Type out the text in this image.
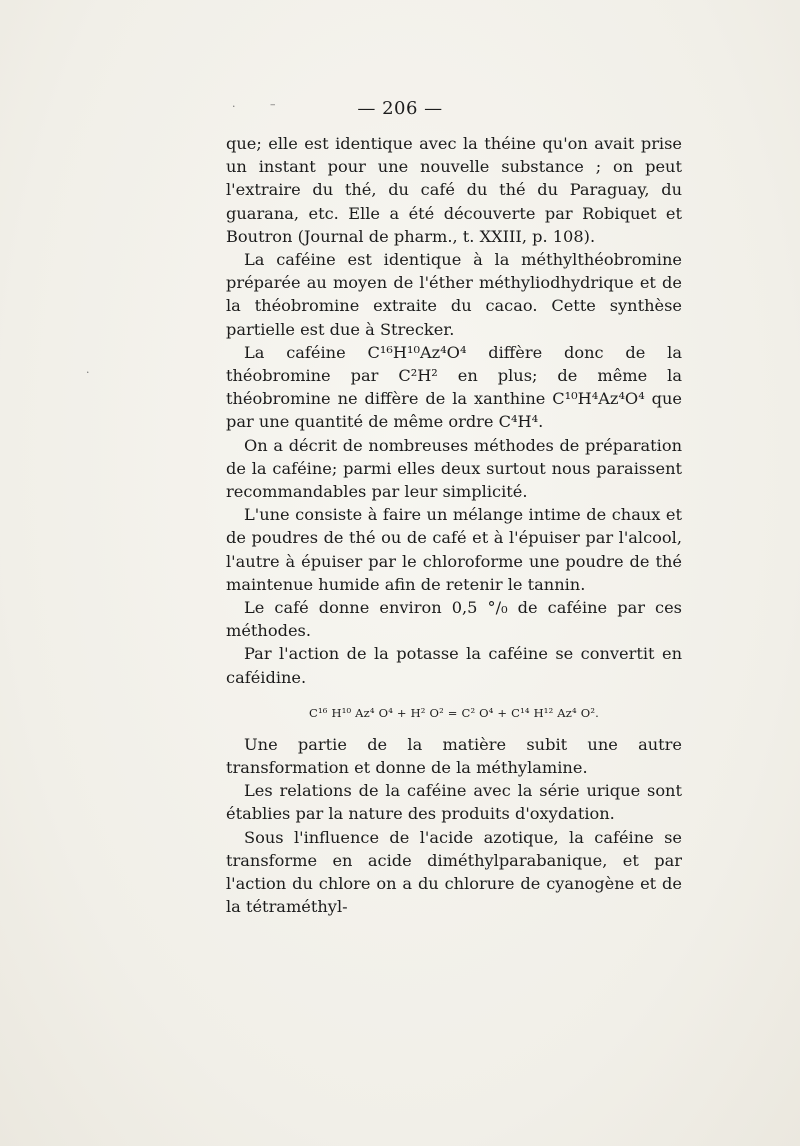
·	–
·
— 206 —

que; elle est identique avec la théine qu'on avait prise un instant pour une nouvelle substance ; on peut l'extraire du thé, du café du thé du Paraguay, du guarana, etc. Elle a été découverte par Robiquet et Boutron (Journal de pharm., t. XXIII, p. 108).

La caféine est identique à la méthylthéobromine préparée au moyen de l'éther méthyliodhydrique et de la théobromine extraite du cacao. Cette synthèse partielle est due à Strecker.

La caféine C¹⁶H¹⁰Az⁴O⁴ diffère donc de la théobromine par C²H² en plus; de même la théobromine ne diffère de la xanthine C¹⁰H⁴Az⁴O⁴ que par une quantité de même ordre C⁴H⁴.

On a décrit de nombreuses méthodes de préparation de la caféine; parmi elles deux surtout nous paraissent recommandables par leur simplicité.

L'une consiste à faire un mélange intime de chaux et de poudres de thé ou de café et à l'épuiser par l'alcool, l'autre à épuiser par le chloroforme une poudre de thé maintenue humide afin de retenir le tannin.

Le café donne environ 0,5 °/₀ de caféine par ces méthodes.

Par l'action de la potasse la caféine se convertit en caféidine.

C¹⁶ H¹⁰ Az⁴ O⁴ + H² O² = C² O⁴ + C¹⁴ H¹² Az⁴ O².

Une partie de la matière subit une autre transformation et donne de la méthylamine.

Les relations de la caféine avec la série urique sont établies par la nature des produits d'oxydation.

Sous l'influence de l'acide azotique, la caféine se transforme en acide diméthylparabanique, et par l'action du chlore on a du chlorure de cyanogène et de la tétraméthyl-
